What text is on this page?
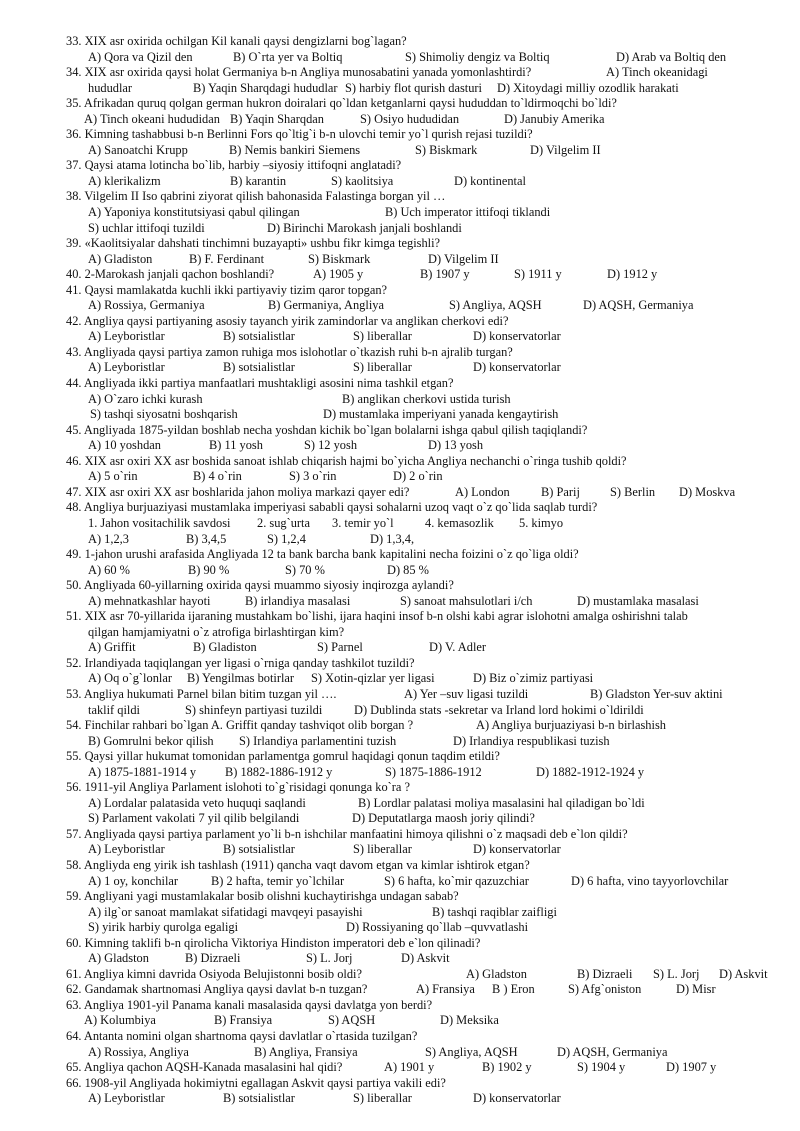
33. XIX asr oxirida ochilgan Kil kanali qaysi dengizlarni bog`lagan?
A) Qora va Qizil den	B) O`rta yer va Boltiq	S) Shimoliy dengiz va Boltiq	D) Arab va Boltiq den
34. XIX asr oxirida qaysi holat Germaniya b-n Angliya munosabatini yanada yomonlashtirdi?	A) Tinch okeanidagi
hududlar	B) Yaqin Sharqdagi hududlar S) harbiy flot qurish dasturi D) Xitoydagi milliy ozodlik harakati
35. Afrikadan quruq qolgan german hukron doiralari qo`ldan ketganlarni qaysi hududdan to`ldirmoqchi bo`ldi?
A) Tinch okeani hududidan B) Yaqin Sharqdan	S) Osiyo hududidan	D) Janubiy Amerika
36. Kimning tashabbusi b-n Berlinni Fors qo`ltig`i b-n ulovchi temir yo`l qurish rejasi tuzildi?
A) Sanoatchi Krupp	B) Nemis bankiri Siemens	S) Biskmark	D) Vilgelim II
37. Qaysi atama lotincha bo`lib, harbiy –siyosiy ittifoqni anglatadi?
A) klerikalizm	B) karantin	S) kaolitsiya	D) kontinental
38. Vilgelim II Iso qabrini ziyorat qilish bahonasida Falastinga borgan yil …
A) Yaponiya konstitutsiyasi qabul qilingan	B) Uch imperator ittifoqi tiklandi
S) uchlar ittifoqi tuzildi	D) Birinchi Marokash janjali boshlandi
39. «Kaolitsiyalar dahshati tinchimni buzayapti» ushbu fikr kimga tegishli?
A) Gladiston	B) F. Ferdinant	S) Biskmark	D) Vilgelim II
40. 2-Marokash janjali qachon boshlandi?	A) 1905 y	B) 1907 y	S) 1911 y	D) 1912 y
41. Qaysi mamlakatda kuchli ikki partiyaviy tizim qaror topgan?
A) Rossiya, Germaniya	B) Germaniya, Angliya	S) Angliya, AQSH	D) AQSH, Germaniya
42. Angliya qaysi partiyaning asosiy tayanch yirik zamindorlar va anglikan cherkovi edi?
A) Leyboristlar	B) sotsialistlar	S) liberallar	D) konservatorlar
43. Angliyada qaysi partiya zamon ruhiga mos islohotlar o`tkazish ruhi b-n ajralib turgan?
A) Leyboristlar	B) sotsialistlar	S) liberallar	D) konservatorlar
44. Angliyada ikki partiya manfaatlari mushtakligi asosini nima tashkil etgan?
A) O`zaro ichki kurash	B) anglikan cherkovi ustida turish
S) tashqi siyosatni boshqarish	D) mustamlaka imperiyani yanada kengaytirish
45. Angliyada 1875-yildan boshlab necha yoshdan kichik bo`lgan bolalarni ishga qabul qilish taqiqlandi?
A) 10 yoshdan	B) 11 yosh	S) 12 yosh	D) 13 yosh
46. XIX asr oxiri XX asr boshida sanoat ishlab chiqarish hajmi bo`yicha Angliya nechanchi o`ringa tushib qoldi?
A) 5 o`rin	B) 4 o`rin	S) 3 o`rin	D) 2 o`rin
47. XIX asr oxiri XX asr boshlarida jahon moliya markazi qayer edi?	A) London	B) Parij S) Berlin D) Moskva
48. Angliya burjuaziyasi mustamlaka imperiyasi sababli qaysi sohalarni uzoq vaqt o`z qo`lida saqlab turdi?
1. Jahon vositachilik savdosi 2. sug`urta 3. temir yo`l	4. kemasozlik 5. kimyo
A) 1,2,3	B) 3,4,5	S) 1,2,4	D) 1,3,4,
49. 1-jahon urushi arafasida Angliyada 12 ta bank barcha bank kapitalini necha foizini o`z qo`liga oldi?
A) 60 %	B) 90 %	S) 70 %	D) 85 %
50. Angliyada 60-yillarning oxirida qaysi muammo siyosiy inqirozga aylandi?
A) mehnatkashlar hayoti	B) irlandiya masalasi	S) sanoat mahsulotlari i/ch	D) mustamlaka masalasi
51. XIX asr 70-yillarida ijaraning mustahkam bo`lishi, ijara haqini insof b-n olshi kabi agrar islohotni amalga oshirishni talab
qilgan hamjamiyatni o`z atrofiga birlashtirgan kim?
A) Griffit	B) Gladiston	S) Parnel	D) V. Adler
52. Irlandiyada taqiqlangan yer ligasi o`rniga qanday tashkilot tuzildi?
A) Oq o`g`lonlar B) Yengilmas botirlar S) Xotin-qizlar yer ligasi	D) Biz o`zimiz partiyasi
53. Angliya hukumati Parnel bilan bitim tuzgan yil ….	A) Yer –suv ligasi tuzildi	B) Gladston Yer-suv aktini
taklif qildi	S) shinfeyn partiyasi tuzildi	D) Dublinda stats -sekretar va Irland lord hokimi o`ldirildi
54. Finchilar rahbari bo`lgan A. Griffit qanday tashviqot olib borgan ?	A) Angliya burjuaziyasi b-n birlashish
B) Gomrulni bekor qilish S) Irlandiya parlamentini tuzish	D) Irlandiya respublikasi tuzish
55. Qaysi yillar hukumat tomonidan parlamentga gomrul haqidagi qonun taqdim etildi?
A) 1875-1881-1914 y B) 1882-1886-1912 y	S) 1875-1886-1912	D) 1882-1912-1924 y
56. 1911-yil Angliya Parlament islohoti to`g`risidagi qonunga ko`ra ?
A) Lordalar palatasida veto huquqi saqlandi	B) Lordlar palatasi moliya masalasini hal qiladigan bo`ldi
S) Parlament vakolati 7 yil qilib belgilandi	D) Deputatlarga maosh joriy qilindi?
57. Angliyada qaysi partiya parlament yo`li b-n ishchilar manfaatini himoya qilishni o`z maqsadi deb e`lon qildi?
A) Leyboristlar	B) sotsialistlar	S) liberallar	D) konservatorlar
58. Angliyda eng yirik ish tashlash (1911) qancha vaqt davom etgan va kimlar ishtirok etgan?
A) 1 oy, konchilar	B) 2 hafta, temir yo`lchilar	S) 6 hafta, ko`mir qazuzchiar	D) 6 hafta, vino tayyorlovchilar
59. Angliyani yagi mustamlakalar bosib olishni kuchaytirishga undagan sabab?
A) ilg`or sanoat mamlakat sifatidagi mavqeyi pasayishi	B) tashqi raqiblar zaifligi
S) yirik harbiy qurolga egaligi	D) Rossiyaning qo`llab –quvvatlashi
60. Kimning taklifi b-n qirolicha Viktoriya Hindiston imperatori deb e`lon qilinadi?
A) Gladston	B) Dizraeli	S) L. Jorj	D) Askvit
61. Angliya kimni davrida Osiyoda Belujistonni bosib oldi?	A) Gladston	B) Dizraeli S) L. Jorj D) Askvit
62. Gandamak shartnomasi Angliya qaysi davlat b-n tuzgan?	A) Fransiya B ) Eron	S) Afg`oniston	D) Misr
63. Angliya 1901-yil Panama kanali masalasida qaysi davlatga yon berdi?
A) Kolumbiya	B) Fransiya	S) AQSH	D) Meksika
64. Antanta nomini olgan shartnoma qaysi davlatlar o`rtasida tuzilgan?
A) Rossiya, Angliya	B) Angliya, Fransiya	S) Angliya, AQSH	D) AQSH, Germaniya
65. Angliya qachon AQSH-Kanada masalasini hal qidi?	A) 1901 y	B) 1902 y	S) 1904 y	D) 1907 y
66. 1908-yil Angliyada hokimiytni egallagan Askvit qaysi partiya vakili edi?
A) Leyboristlar	B) sotsialistlar	S) liberallar	D) konservatorlar
